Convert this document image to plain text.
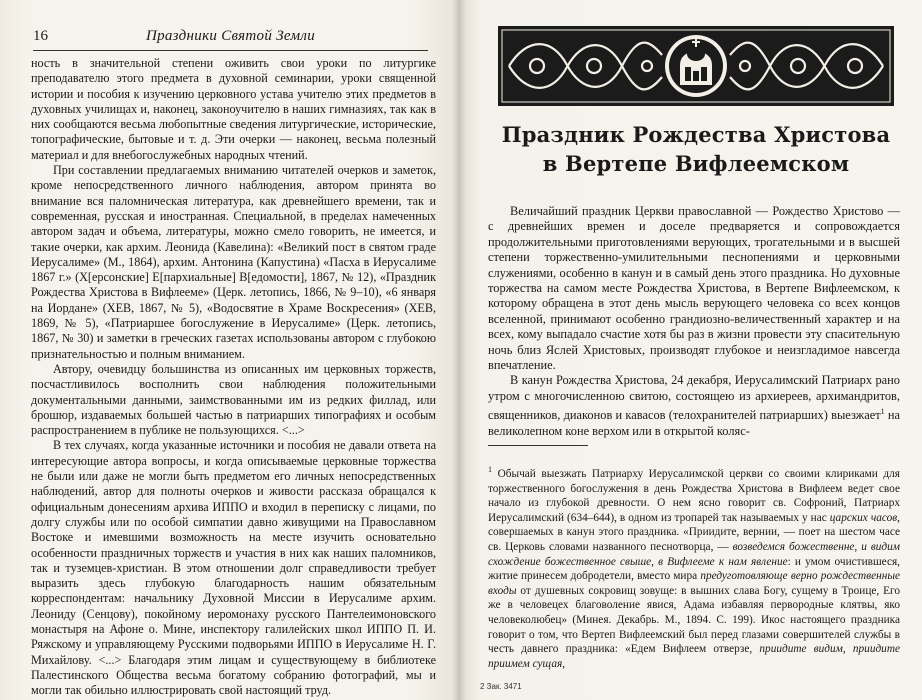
16	Праздники Святой Земли

ность в значительной степени оживить свои уроки по литургике преподавателю этого предмета в духовной семинарии, уроки священной истории и пособия к изучению церковного устава учителю этих предметов в духовных училищах и, наконец, законоучителю в наших гимназиях, так как в них сообщаются весьма любопытные сведения литургические, исторические, топографические, бытовые и т. д. Эти очерки — наконец, весьма полезный материал и для внебогослужебных народных чтений.

При составлении предлагаемых вниманию читателей очерков и заметок, кроме непосредственного личного наблюдения, автором принята во внимание вся паломническая литература, как древнейшего времени, так и современная, русская и иностранная. Специальной, в пределах намеченных автором задач и объема, литературы, можно смело говорить, не имеется, и такие очерки, как архим. Леонида (Кавелина): «Великий пост в святом граде Иерусалиме» (М., 1864), архим. Антонина (Капустина) «Пасха в Иерусалиме 1867 г.» (Х[ерсонские] Е[пархиальные] В[едомости], 1867, № 12), «Праздник Рождества Христова в Вифлееме» (Церк. летопись, 1866, № 9–10), «6 января на Иордане» (ХЕВ, 1867, № 5), «Водосвятие в Храме Воскресения» (ХЕВ, 1869, № 5), «Патриаршее богослужение в Иерусалиме» (Церк. летопись, 1867, № 30) и заметки в греческих газетах использованы автором с глубокою признательностью и полным вниманием.

Автору, очевидцу большинства из описанных им церковных торжеств, посчастливилось восполнить свои наблюдения положительными документальными данными, заимствованными им из редких филлад, или брошюр, издаваемых большей частью в патриарших типографиях и особым распространением в публике не пользующихся. <...>

В тех случаях, когда указанные источники и пособия не давали ответа на интересующие автора вопросы, и когда описываемые церковные торжества не были или даже не могли быть предметом его личных непосредственных наблюдений, автор для полноты очерков и живости рассказа обращался к официальным донесениям архива ИППО и входил в переписку с лицами, по долгу службы или по особой симпатии давно живущими на Православном Востоке и имевшими возможность на месте изучить основательно особенности праздничных торжеств и участия в них как наших паломников, так и туземцев-христиан. В этом отношении долг справедливости требует выразить здесь глубокую благодарность нашим обязательным корреспондентам: начальнику Духовной Миссии в Иерусалиме архим. Леониду (Сенцову), покойному иеромонаху русского Пантелеимоновского монастыря на Афоне о. Мине, инспектору галилейских школ ИППО П. И. Ряжскому и управляющему Русскими подворьями ИППО в Иерусалиме Н. Г. Михайлову. <...> Благодаря этим лицам и существующему в библиотеке Палестинского Общества весьма богатому собранию фотографий, мы и могли так обильно иллюстрировать свой настоящий труд.

Праздник Рождества Христова
в Вертепе Вифлеемском

Величайший праздник Церкви православной — Рождество Христово — с древнейших времен и доселе предваряется и сопровождается продолжительными приготовлениями верующих, трогательными и в высшей степени торжественно-умилительными песнопениями и церковными служениями, особенно в канун и в самый день этого праздника. Но духовные торжества на самом месте Рождества Христова, в Вертепе Вифлеемском, к которому обращена в этот день мысль верующего человека со всех концов вселенной, принимают особенно грандиозно-величественный характер и на всех, кому выпадало счастие хотя бы раз в жизни провести эту спасительную ночь близ Яслей Христовых, производят глубокое и неизгладимое навсегда впечатление.

В канун Рождества Христова, 24 декабря, Иерусалимский Патриарх рано утром с многочисленною свитою, состоящею из архиереев, архимандритов, священников, диаконов и кавасов (телохранителей патриарших) выезжает$^1$ на великолепном коне верхом или в открытой коляс-

$^1$ Обычай выезжать Патриарху Иерусалимской церкви со своими клириками для торжественного богослужения в день Рождества Христова в Вифлеем ведет свое начало из глубокой древности. О нем ясно говорит св. Софроний, Патриарх Иерусалимский (634–644), в одном из тропарей так называемых у нас царских часов, совершаемых в канун этого праздника. «Приидите, вернии, — поет на шестом часе св. Церковь словами названного песнотворца, — возведемся божественне, и видим схождение божественное свыше, в Вифлееме к нам явление: и умом очистившеся, житие принесем добродетели, вместо мира предуготовляюще верно рождественные входы от душевных сокровищ зовуще: в вышних слава Богу, сущему в Троице, Его же в человецех благоволение явися, Адама избавляя первородные клятвы, яко человеколюбец» (Минея. Декабрь. М., 1894. С. 199). Икос настоящего праздника говорит о том, что Вертеп Вифлеемский был перед глазами совершителей службы в честь давнего праздника: «Едем Вифлеем отверзе, приидите видим, приидите приимем сущая,

2 Зак. 3471
